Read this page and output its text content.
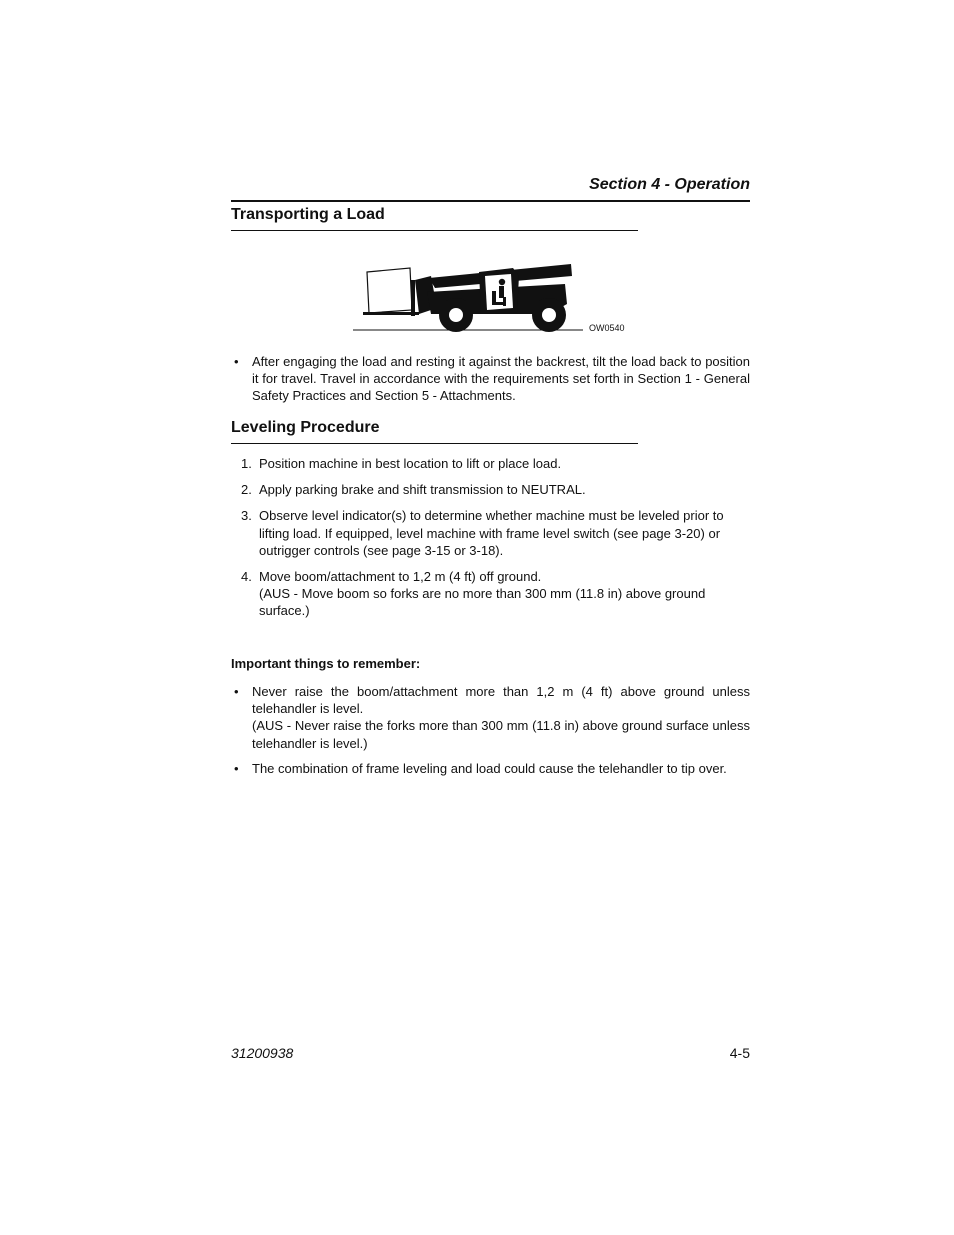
Section 4 - Operation
Transporting a Load
OW0540
• After engaging the load and resting it against the backrest, tilt the load back to position it for travel. Travel in accordance with the requirements set forth in Section 1 - General Safety Practices and Section 5 - Attachments.
Leveling Procedure
1. Position machine in best location to lift or place load.
2. Apply parking brake and shift transmission to NEUTRAL.
3. Observe level indicator(s) to determine whether machine must be leveled prior to lifting load. If equipped, level machine with frame level switch (see page 3-20) or outrigger controls (see page 3-15 or 3-18).
4. Move boom/attachment to 1,2 m (4 ft) off ground.
(AUS - Move boom so forks are no more than 300 mm (11.8 in) above ground surface.)
Important things to remember:
• Never raise the boom/attachment more than 1,2 m (4 ft) above ground unless telehandler is level.
(AUS - Never raise the forks more than 300 mm (11.8 in) above ground surface unless telehandler is level.)
• The combination of frame leveling and load could cause the telehandler to tip over.
31200938	4-5
